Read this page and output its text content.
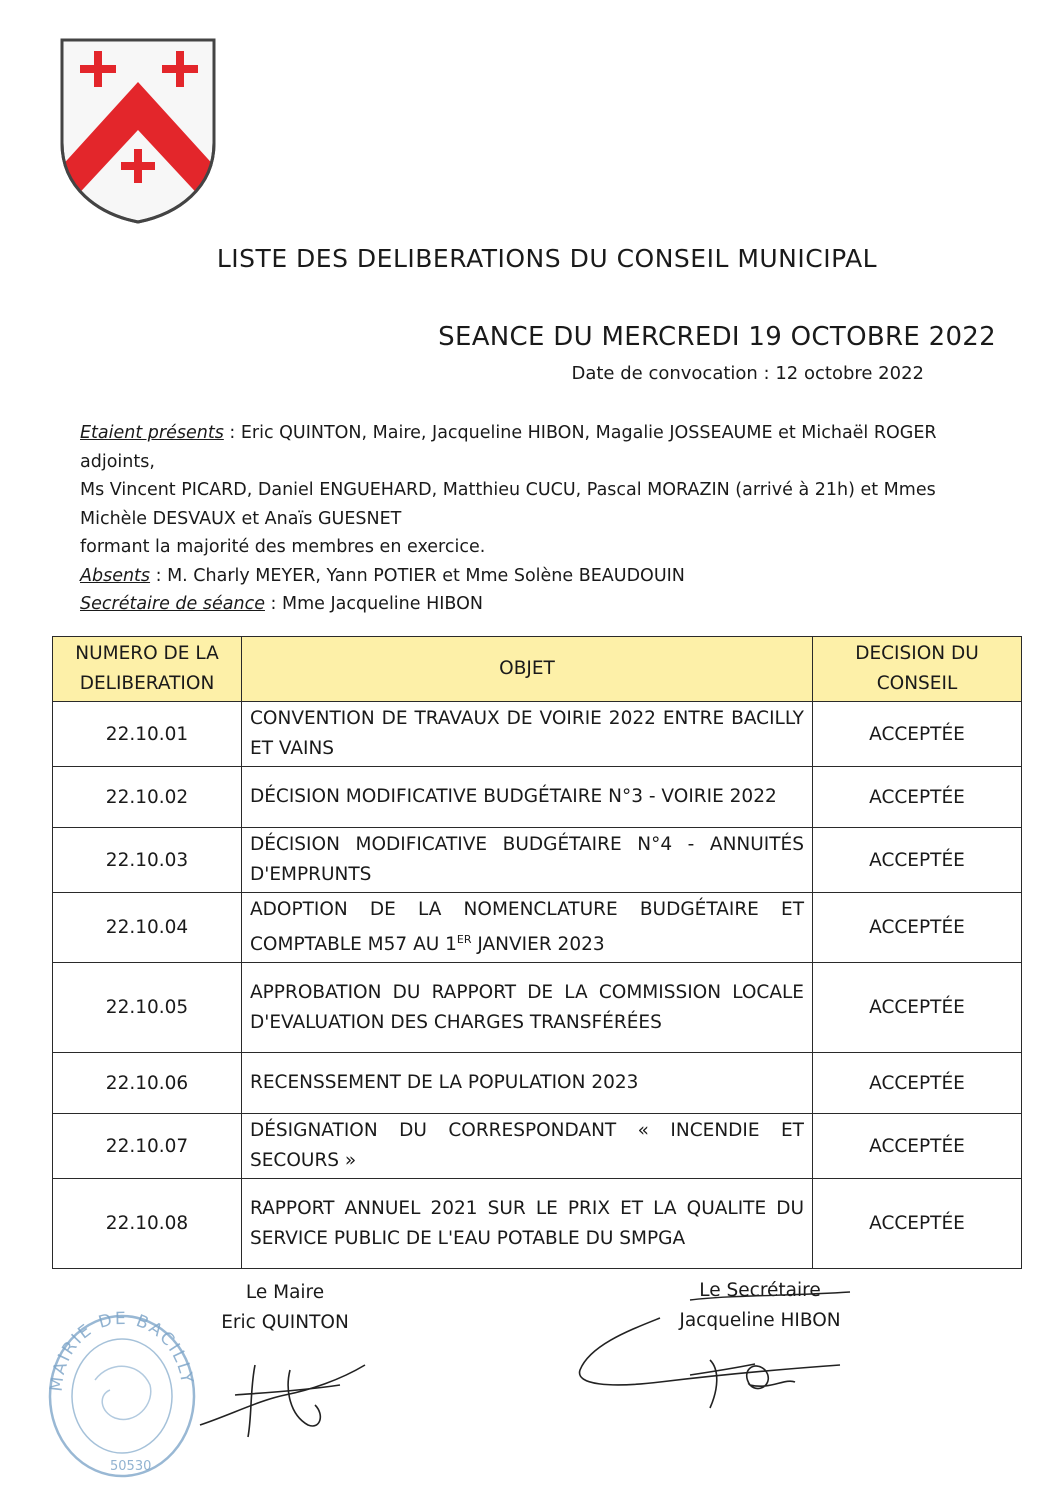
LISTE DES DELIBERATIONS DU CONSEIL MUNICIPAL
SEANCE DU MERCREDI 19 OCTOBRE 2022
Date de convocation : 12 octobre 2022
Etaient présents : Eric QUINTON, Maire, Jacqueline HIBON, Magalie JOSSEAUME et Michaël ROGER adjoints,
Ms Vincent PICARD, Daniel ENGUEHARD, Matthieu CUCU, Pascal MORAZIN (arrivé à 21h) et Mmes Michèle DESVAUX et Anaïs GUESNET
formant la majorité des membres en exercice.
Absents : M. Charly MEYER, Yann POTIER et Mme Solène BEAUDOUIN
Secrétaire de séance : Mme Jacqueline HIBON
NUMERO DE LA DELIBERATION	OBJET	DECISION DU CONSEIL
22.10.01	CONVENTION DE TRAVAUX DE VOIRIE 2022 ENTRE BACILLY ET VAINS	ACCEPTÉE
22.10.02	DÉCISION MODIFICATIVE BUDGÉTAIRE N°3 - VOIRIE 2022	ACCEPTÉE
22.10.03	DÉCISION MODIFICATIVE BUDGÉTAIRE N°4 - ANNUITÉS D'EMPRUNTS	ACCEPTÉE
22.10.04	ADOPTION DE LA NOMENCLATURE BUDGÉTAIRE ET COMPTABLE M57 AU 1ER JANVIER 2023	ACCEPTÉE
22.10.05	APPROBATION DU RAPPORT DE LA COMMISSION LOCALE D'EVALUATION DES CHARGES TRANSFÉRÉES	ACCEPTÉE
22.10.06	RECENSSEMENT DE LA POPULATION 2023	ACCEPTÉE
22.10.07	DÉSIGNATION DU CORRESPONDANT « INCENDIE ET SECOURS »	ACCEPTÉE
22.10.08	RAPPORT ANNUEL 2021 SUR LE PRIX ET LA QUALITE DU SERVICE PUBLIC DE L'EAU POTABLE DU SMPGA	ACCEPTÉE
MAIRIE DE BACILLY
50530
Le Maire
Eric QUINTON
Le Secrétaire
Jacqueline HIBON
